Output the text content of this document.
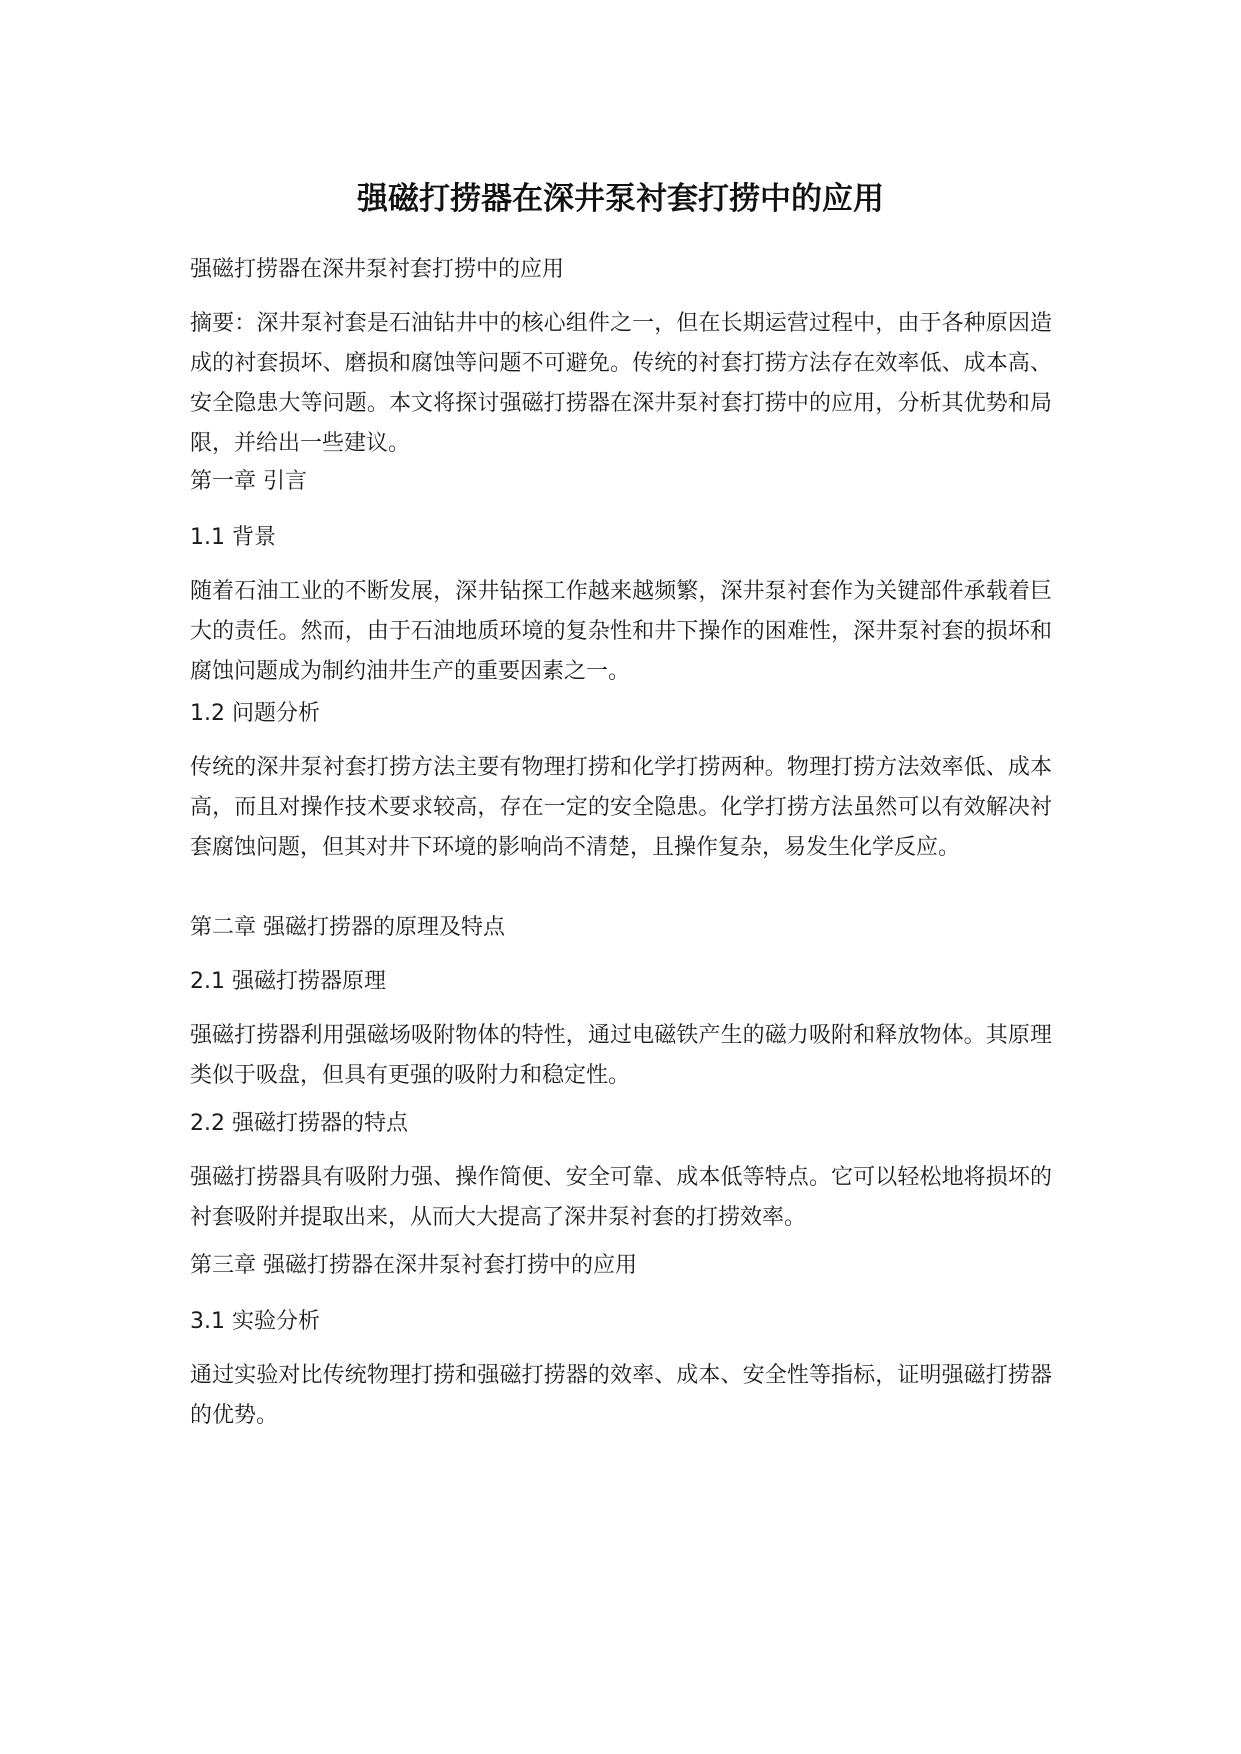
强磁打捞器在深井泵衬套打捞中的应用

强磁打捞器在深井泵衬套打捞中的应用

摘要：深井泵衬套是石油钻井中的核心组件之一，但在长期运营过程中，由于各种原因造成的衬套损坏、磨损和腐蚀等问题不可避免。传统的衬套打捞方法存在效率低、成本高、安全隐患大等问题。本文将探讨强磁打捞器在深井泵衬套打捞中的应用，分析其优势和局限，并给出一些建议。

第一章 引言

1.1 背景

随着石油工业的不断发展，深井钻探工作越来越频繁，深井泵衬套作为关键部件承载着巨大的责任。然而，由于石油地质环境的复杂性和井下操作的困难性，深井泵衬套的损坏和腐蚀问题成为制约油井生产的重要因素之一。

1.2 问题分析

传统的深井泵衬套打捞方法主要有物理打捞和化学打捞两种。物理打捞方法效率低、成本高，而且对操作技术要求较高，存在一定的安全隐患。化学打捞方法虽然可以有效解决衬套腐蚀问题，但其对井下环境的影响尚不清楚，且操作复杂，易发生化学反应。

第二章 强磁打捞器的原理及特点

2.1 强磁打捞器原理

强磁打捞器利用强磁场吸附物体的特性，通过电磁铁产生的磁力吸附和释放物体。其原理类似于吸盘，但具有更强的吸附力和稳定性。

2.2 强磁打捞器的特点

强磁打捞器具有吸附力强、操作简便、安全可靠、成本低等特点。它可以轻松地将损坏的衬套吸附并提取出来，从而大大提高了深井泵衬套的打捞效率。

第三章 强磁打捞器在深井泵衬套打捞中的应用

3.1 实验分析

通过实验对比传统物理打捞和强磁打捞器的效率、成本、安全性等指标，证明强磁打捞器的优势。
